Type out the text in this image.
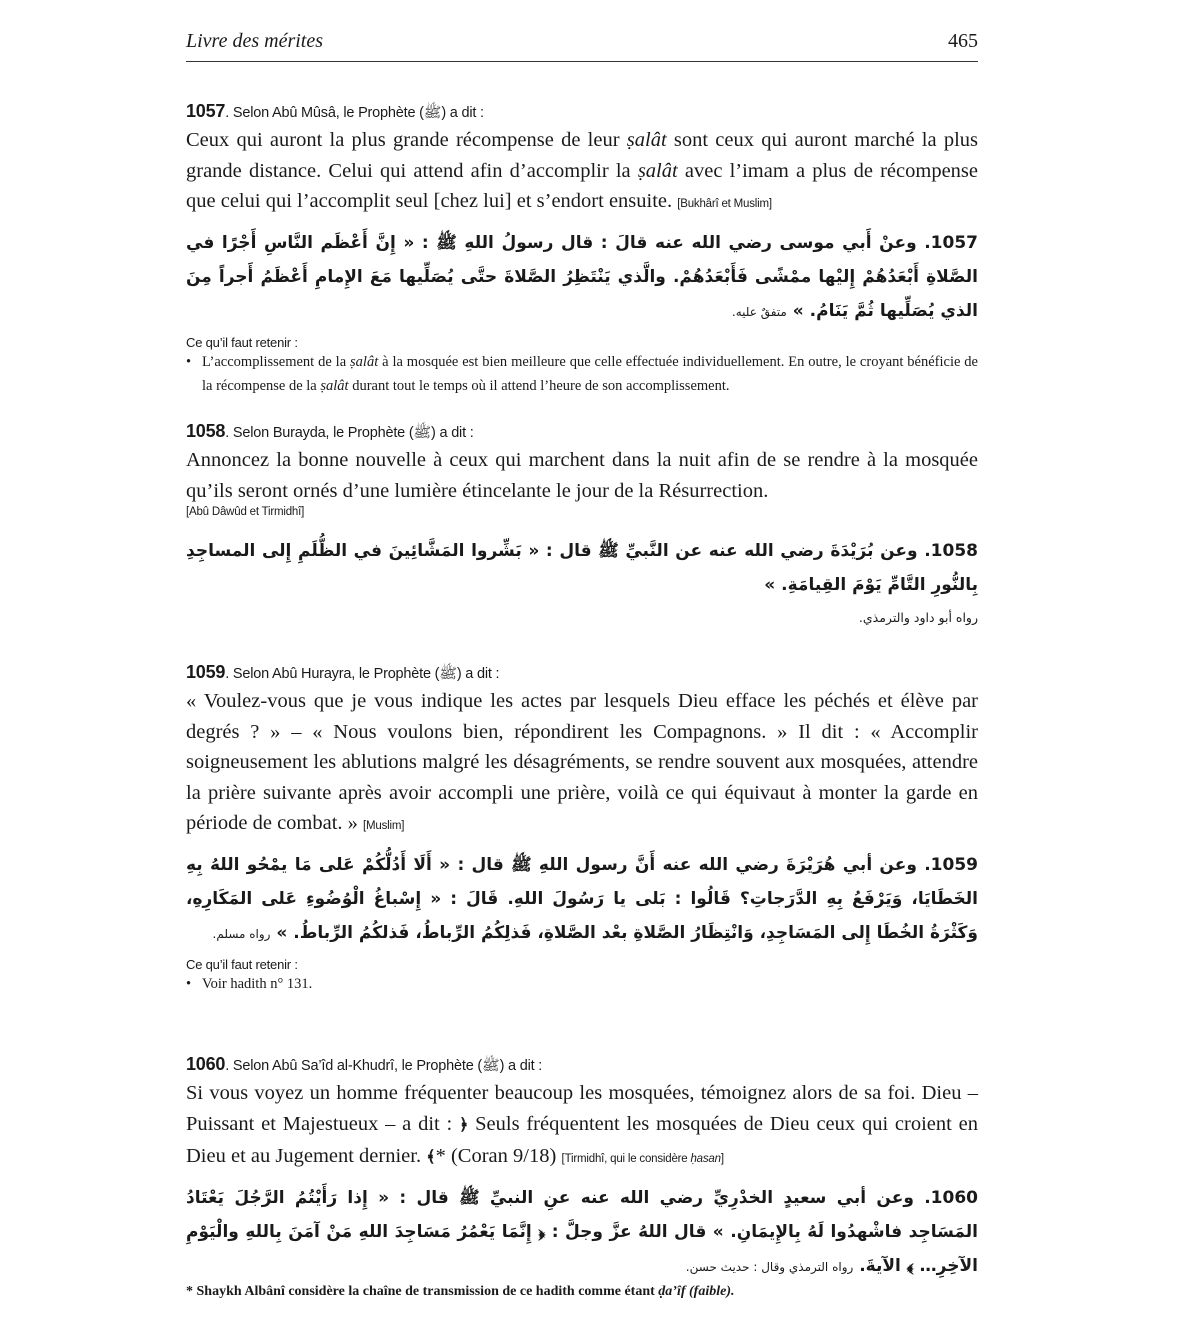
Livre des mérites	465
1057. Selon Abû Mûsâ, le Prophète (ﷺ) a dit :
Ceux qui auront la plus grande récompense de leur ṣalât sont ceux qui auront marché la plus grande distance. Celui qui attend afin d’accomplir la ṣalât avec l’imam a plus de récompense que celui qui l’accomplit seul [chez lui] et s’endort ensuite. [Bukhârî et Muslim]
1057. وعنْ أَبي موسى رضي الله عنه قالَ : قال رسولُ اللهِ ﷺ : « إِنَّ أَعْظَم النَّاسِ أَجْرًا في الصَّلاةِ أَبْعَدُهُمْ إِليْها ممْشًى فَأَبْعَدُهُمْ. والَّذي يَنْتَظِرُ الصَّلاةَ حتَّى يُصَلِّيها مَعَ الإِمامِ أَعْظَمُ أَجراً مِنَ الذي يُصَلِّيها ثُمَّ يَنَامُ. » متفقٌ عليه.
Ce qu’il faut retenir :
• L’accomplissement de la ṣalât à la mosquée est bien meilleure que celle effectuée individuellement. En outre, le croyant bénéficie de la récompense de la ṣalât durant tout le temps où il attend l’heure de son accomplissement.
1058. Selon Burayda, le Prophète (ﷺ) a dit :
Annoncez la bonne nouvelle à ceux qui marchent dans la nuit afin de se rendre à la mosquée qu’ils seront ornés d’une lumière étincelante le jour de la Résurrection.
[Abû Dâwûd et Tirmidhî]
1058. وعن بُرَيْدَةَ رضي الله عنه عن النَّبيِّ ﷺ قال : « بَشِّروا المَشَّائِينَ في الظُّلَمِ إِلى المساجِدِ بِالنُّورِ التَّامِّ يَوْمَ القِيامَةِ. »
رواه أبو داود والترمذي.
1059. Selon Abû Hurayra, le Prophète (ﷺ) a dit :
« Voulez-vous que je vous indique les actes par lesquels Dieu efface les péchés et élève par degrés ? » – « Nous voulons bien, répondirent les Compagnons. » Il dit : « Accomplir soigneusement les ablutions malgré les désagréments, se rendre souvent aux mosquées, attendre la prière suivante après avoir accompli une prière, voilà ce qui équivaut à monter la garde en période de combat. » [Muslim]
1059. وعن أبي هُرَيْرَةَ رضي الله عنه أَنَّ رسول اللهِ ﷺ قال : « أَلَا أَدُلُّكُمْ عَلى مَا يمْحُو اللهُ بِهِ الخَطَايَا، وَيَرْفَعُ بِهِ الدَّرَجاتِ؟ قَالُوا : بَلى يا رَسُولَ اللهِ. قَالَ : « إِسْباغُ الْوُضُوءِ عَلى المَكَارِهِ، وَكَثْرَةُ الخُطَا إِلى المَسَاجِدِ، وَانْتِظَارُ الصَّلاةِ بعْد الصَّلاةِ، فَذلِكُمُ الرِّباطُ، فَذلكُمُ الرِّباطُ. » رواه مسلم.
Ce qu’il faut retenir :
• Voir hadith n° 131.
1060. Selon Abû Sa’îd al-Khudrî, le Prophète (ﷺ) a dit :
Si vous voyez un homme fréquenter beaucoup les mosquées, témoignez alors de sa foi. Dieu – Puissant et Majestueux – a dit : ﴿ Seuls fréquentent les mosquées de Dieu ceux qui croient en Dieu et au Jugement dernier. ﴾* (Coran 9/18) [Tirmidhî, qui le considère ḥasan]
1060. وعن أبي سعيدٍ الخدْرِيِّ رضي الله عنه عنِ النبيِّ ﷺ قال : « إِذا رَأَيْتُمُ الرَّجُلَ يَعْتَادُ المَسَاجِد فاشْهدُوا لَهُ بِالإِيمَانِ. » قال اللهُ عزَّ وجلَّ : ﴿ إِنَّمَا يَعْمُرُ مَسَاجِدَ اللهِ مَنْ آمَنَ بِاللهِ والْيَوْمِ الآخِرِ… ﴾ الآيةَ. رواه الترمذي وقال : حديث حسن.
* Shaykh Albânî considère la chaîne de transmission de ce hadith comme étant ḍa’îf (faible).
